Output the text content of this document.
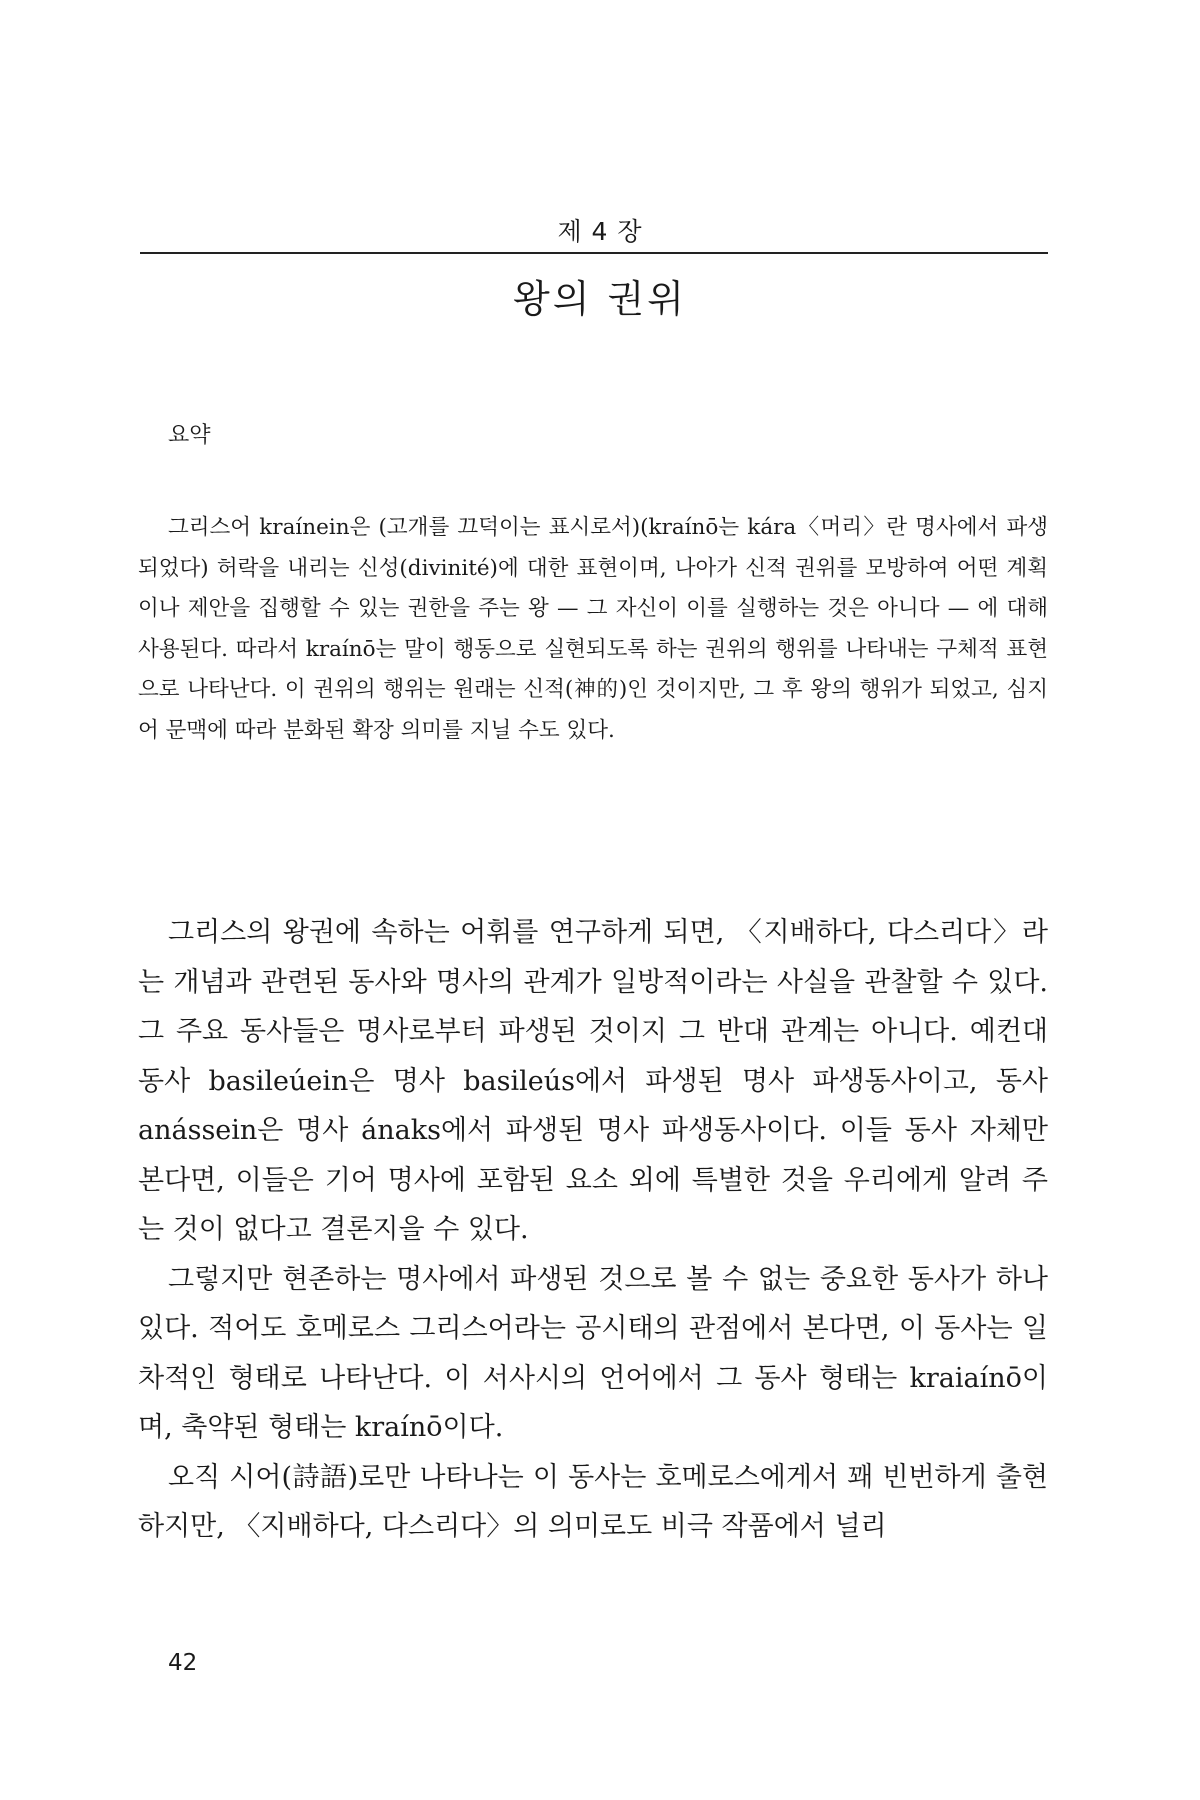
제 4 장
왕의 권위
요약
그리스어 kraínein은 (고개를 끄덕이는 표시로서)(kraínō는 kára〈머리〉란 명사에서 파생되었다) 허락을 내리는 신성(divinité)에 대한 표현이며, 나아가 신적 권위를 모방하여 어떤 계획이나 제안을 집행할 수 있는 권한을 주는 왕 — 그 자신이 이를 실행하는 것은 아니다 — 에 대해 사용된다. 따라서 kraínō는 말이 행동으로 실현되도록 하는 권위의 행위를 나타내는 구체적 표현으로 나타난다. 이 권위의 행위는 원래는 신적(神的)인 것이지만, 그 후 왕의 행위가 되었고, 심지어 문맥에 따라 분화된 확장 의미를 지닐 수도 있다.

그리스의 왕권에 속하는 어휘를 연구하게 되면, 〈지배하다, 다스리다〉라는 개념과 관련된 동사와 명사의 관계가 일방적이라는 사실을 관찰할 수 있다. 그 주요 동사들은 명사로부터 파생된 것이지 그 반대 관계는 아니다. 예컨대 동사 basileúein은 명사 basileús에서 파생된 명사 파생동사이고, 동사 anássein은 명사 ánaks에서 파생된 명사 파생동사이다. 이들 동사 자체만 본다면, 이들은 기어 명사에 포함된 요소 외에 특별한 것을 우리에게 알려 주는 것이 없다고 결론지을 수 있다.

그렇지만 현존하는 명사에서 파생된 것으로 볼 수 없는 중요한 동사가 하나 있다. 적어도 호메로스 그리스어라는 공시태의 관점에서 본다면, 이 동사는 일차적인 형태로 나타난다. 이 서사시의 언어에서 그 동사 형태는 kraiaínō이며, 축약된 형태는 kraínō이다.

오직 시어(詩語)로만 나타나는 이 동사는 호메로스에게서 꽤 빈번하게 출현하지만, 〈지배하다, 다스리다〉의 의미로도 비극 작품에서 널리

42
